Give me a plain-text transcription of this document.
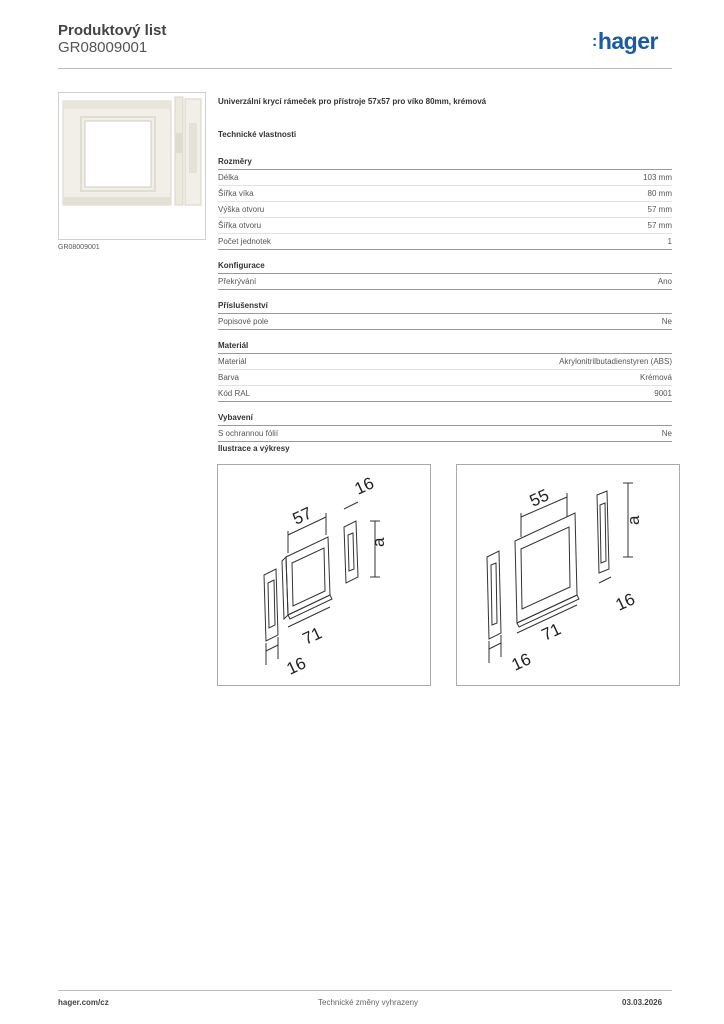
Produktový list
GR08009001	:hager
GR08009001
Univerzální krycí rámeček pro přístroje 57x57 pro víko 80mm, krémová
Technické vlastnosti
Rozměry
Délka	103 mm
Šířka víka	80 mm
Výška otvoru	57 mm
Šířka otvoru	57 mm
Počet jednotek	1
Konfigurace
Překrývání	Ano
Příslušenství
Popisové pole	Ne
Materiál
Materiál	Akrylonitrilbutadienstyren (ABS)
Barva	Krémová
Kód RAL	9001
Vybavení
S ochrannou fólií	Ne
Ilustrace a výkresy
57
16
a
71
16
55
a
16
71
16
hager.com/cz	Technické změny vyhrazeny	03.03.2026
